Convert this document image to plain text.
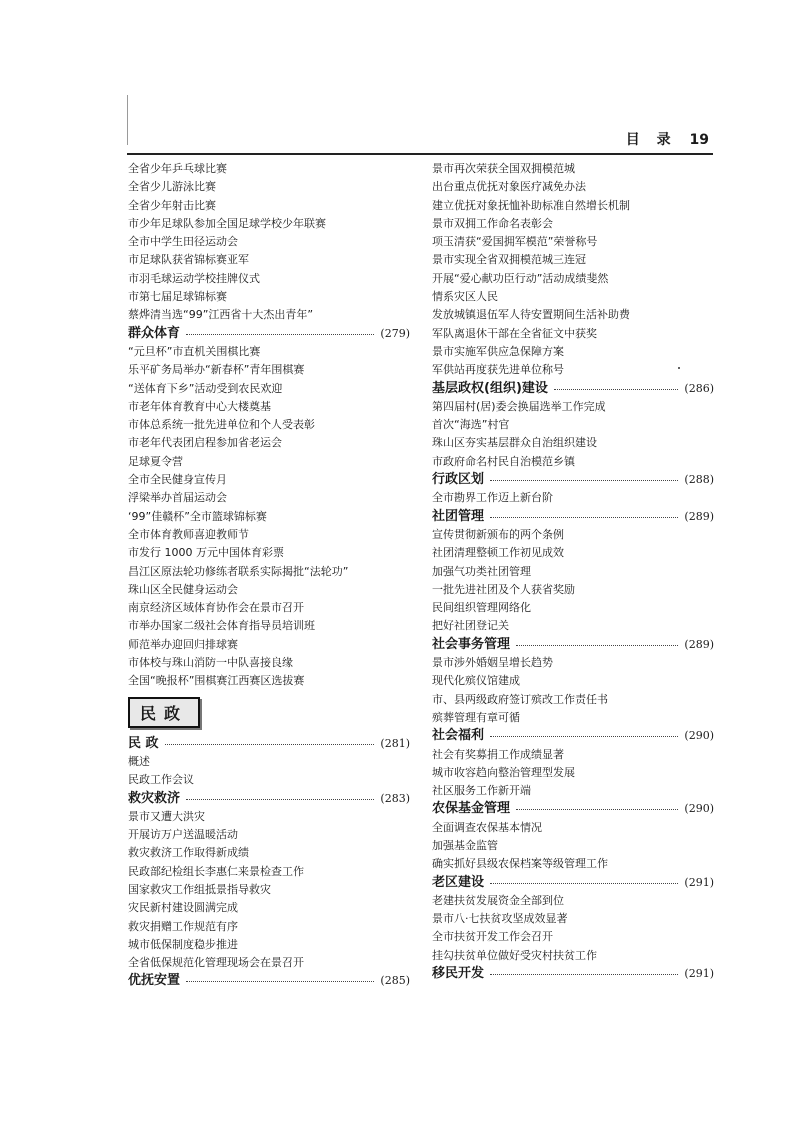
目 录 19
全省少年乒乓球比赛
全省少儿游泳比赛
全省少年射击比赛
市少年足球队参加全国足球学校少年联赛
全市中学生田径运动会
市足球队获省锦标赛亚军
市羽毛球运动学校挂牌仪式
市第七届足球锦标赛
蔡烨清当选“99”江西省十大杰出青年”
群众体育	(279)
“元旦杯”市直机关围棋比赛
乐平矿务局举办“新春杯”青年围棋赛
“送体育下乡”活动受到农民欢迎
市老年体育教育中心大楼奠基
市体总系统一批先进单位和个人受表彰
市老年代表团启程参加省老运会
足球夏令营
全市全民健身宣传月
浮梁举办首届运动会
‘99”佳赣杯”全市篮球锦标赛
全市体育教师喜迎教师节
市发行 1000 万元中国体育彩票
昌江区原法轮功修练者联系实际揭批“法轮功”
珠山区全民健身运动会
南京经济区域体育协作会在景市召开
市举办国家二级社会体育指导员培训班
师范举办迎回归排球赛
市体校与珠山消防一中队喜接良缘
全国“晚报杯”围棋赛江西赛区选拔赛
民政
民 政	(281)
概述
民政工作会议
救灾救济	(283)
景市又遭大洪灾
开展访万户送温暖活动
救灾救济工作取得新成绩
民政部纪检组长李惠仁来景检查工作
国家救灾工作组抵景指导救灾
灾民新村建设圆满完成
救灾捐赠工作规范有序
城市低保制度稳步推进
全省低保规范化管理现场会在景召开
优抚安置	(285)
景市再次荣获全国双拥模范城
出台重点优抚对象医疗减免办法
建立优抚对象抚恤补助标准自然增长机制
景市双拥工作命名表彰会
项玉清获“爱国拥军模范”荣誉称号
景市实现全省双拥模范城三连冠
开展“爱心献功臣行动”活动成绩斐然
情系灾区人民
发放城镇退伍军人待安置期间生活补助费
军队离退休干部在全省征文中获奖
景市实施军供应急保障方案
军供站再度获先进单位称号
基层政权(组织)建设	(286)
第四届村(居)委会换届选举工作完成
首次“海选”村官
珠山区夯实基层群众自治组织建设
市政府命名村民自治模范乡镇
行政区划	(288)
全市勘界工作迈上新台阶
社团管理	(289)
宣传贯彻新颁布的两个条例
社团清理整顿工作初见成效
加强气功类社团管理
一批先进社团及个人获省奖励
民间组织管理网络化
把好社团登记关
社会事务管理	(289)
景市涉外婚姻呈增长趋势
现代化殡仪馆建成
市、县两级政府签订殡改工作责任书
殡葬管理有章可循
社会福利	(290)
社会有奖募捐工作成绩显著
城市收容趋向整治管理型发展
社区服务工作新开端
农保基金管理	(290)
全面调查农保基本情况
加强基金监管
确实抓好县级农保档案等级管理工作
老区建设	(291)
老建扶贫发展资金全部到位
景市八·七扶贫攻坚成效显著
全市扶贫开发工作会召开
挂勾扶贫单位做好受灾村扶贫工作
移民开发	(291)
